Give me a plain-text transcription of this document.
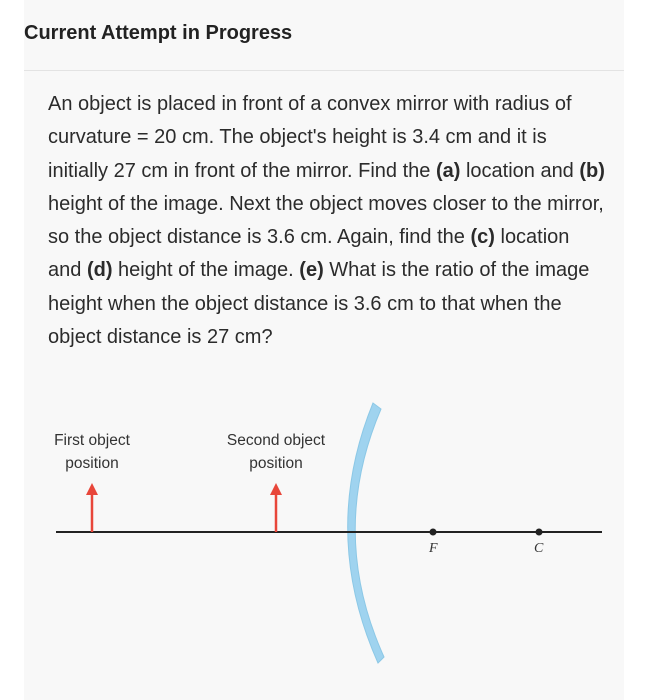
Current Attempt in Progress
An object is placed in front of a convex mirror with radius of curvature = 20 cm. The object's height is 3.4 cm and it is initially 27 cm in front of the mirror. Find the (a) location and (b) height of the image. Next the object moves closer to the mirror, so the object distance is 3.6 cm. Again, find the (c) location and (d) height of the image. (e) What is the ratio of the image height when the object distance is 3.6 cm to that when the object distance is 27 cm?
First object
position
Second object
position
F	C
